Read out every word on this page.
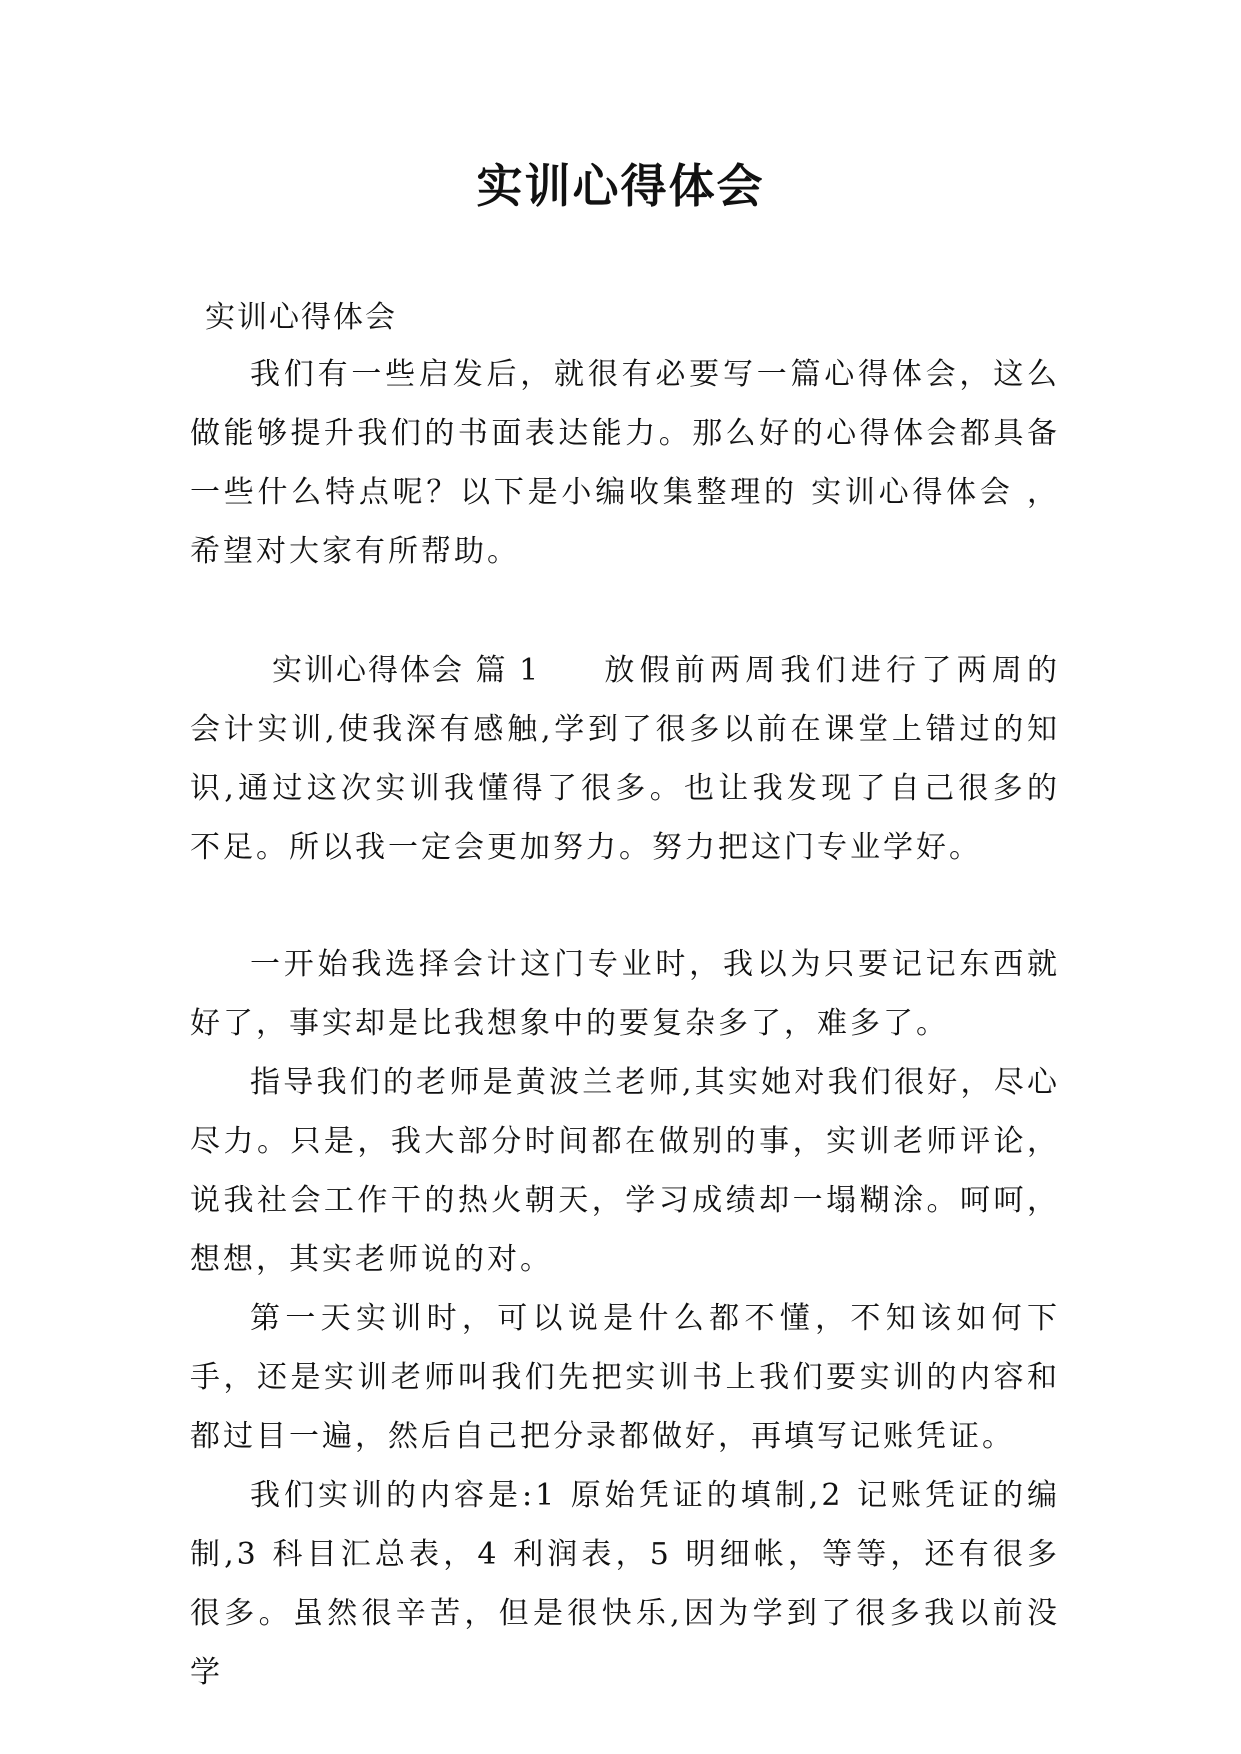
实训心得体会
实训心得体会

我们有一些启发后，就很有必要写一篇心得体会，这么做能够提升我们的书面表达能力。那么好的心得体会都具备一些什么特点呢？以下是小编收集整理的 实训心得体会 ，希望对大家有所帮助。

实训心得体会 篇 1 放假前两周我们进行了两周的会计实训,使我深有感触,学到了很多以前在课堂上错过的知识,通过这次实训我懂得了很多。也让我发现了自己很多的不足。所以我一定会更加努力。努力把这门专业学好。

一开始我选择会计这门专业时，我以为只要记记东西就好了，事实却是比我想象中的要复杂多了，难多了。

指导我们的老师是黄波兰老师,其实她对我们很好，尽心尽力。只是，我大部分时间都在做别的事，实训老师评论，说我社会工作干的热火朝天，学习成绩却一塌糊涂。呵呵，想想，其实老师说的对。

第一天实训时，可以说是什么都不懂，不知该如何下手，还是实训老师叫我们先把实训书上我们要实训的内容和都过目一遍，然后自己把分录都做好，再填写记账凭证。

我们实训的内容是:1 原始凭证的填制,2 记账凭证的编制,3 科目汇总表，4 利润表，5 明细帐，等等，还有很多很多。虽然很辛苦，但是很快乐,因为学到了很多我以前没学
